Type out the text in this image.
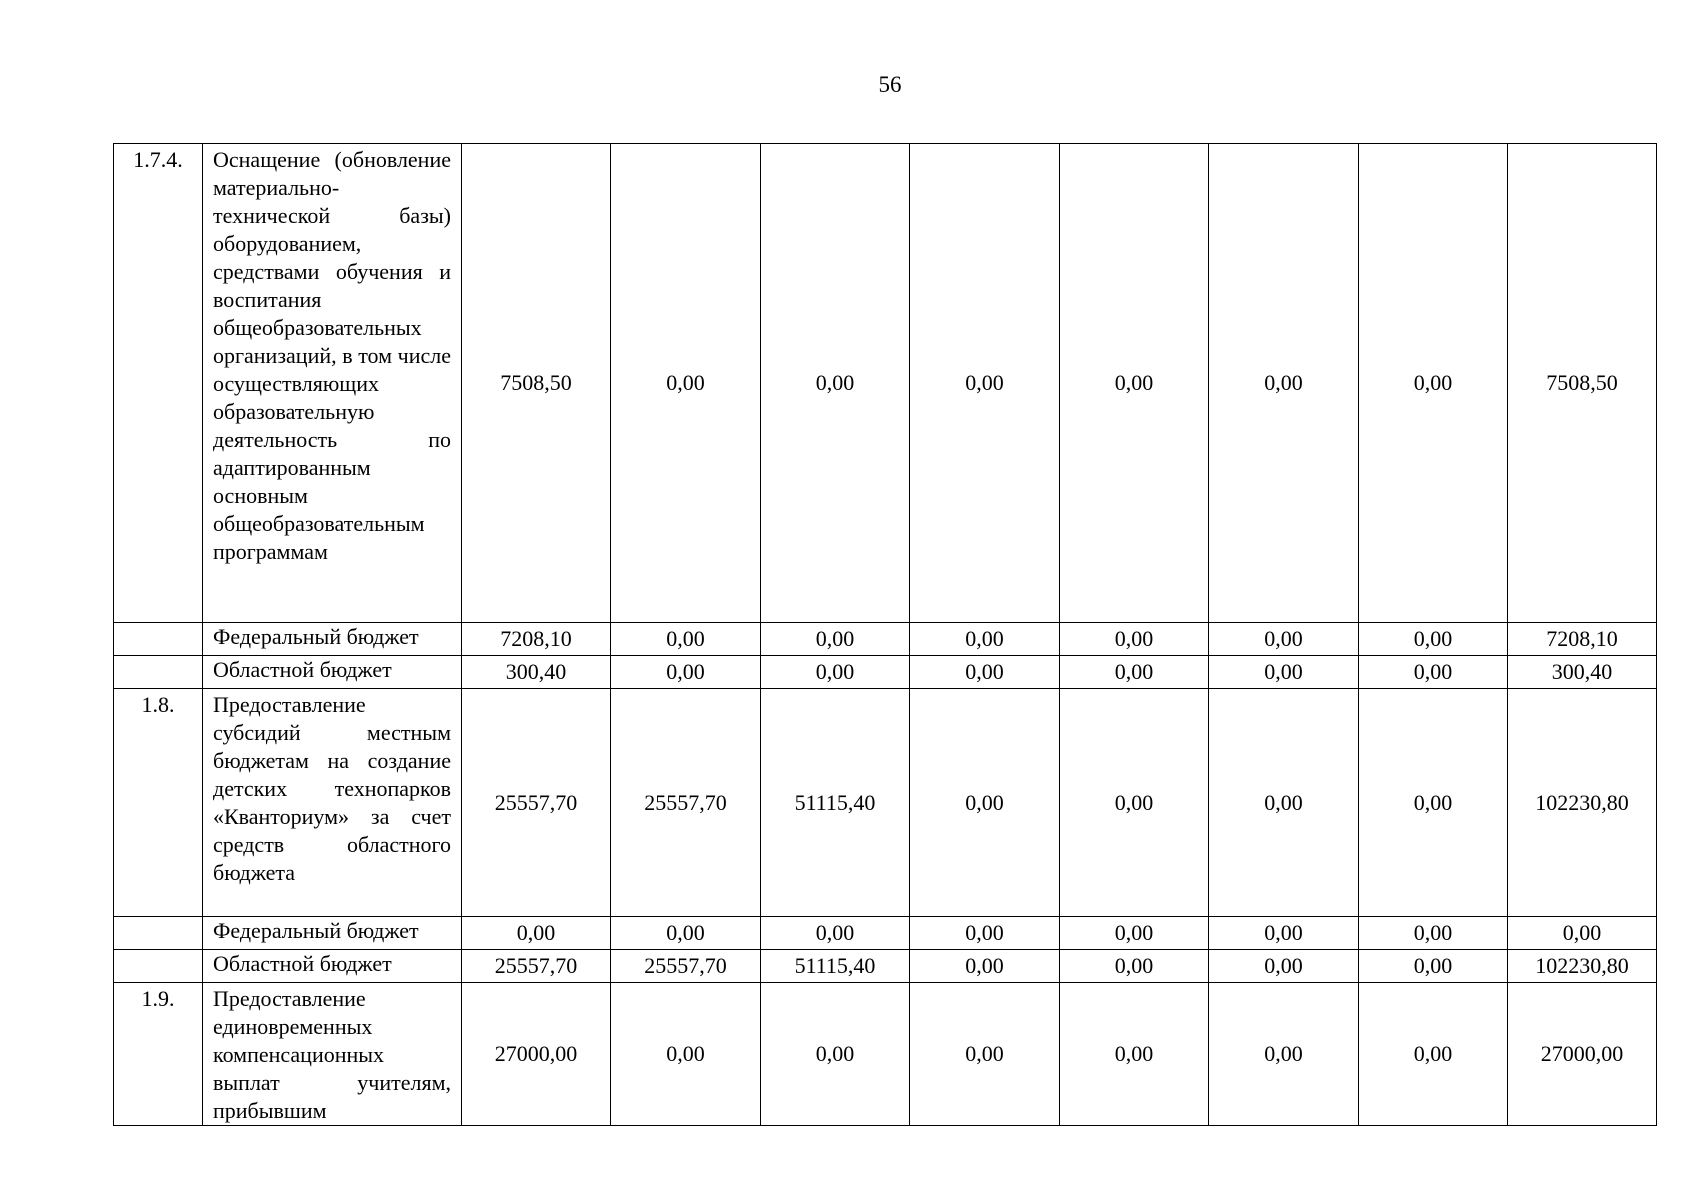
56
1.7.4.	Оснащение (обновление материально-технической базы) оборудованием, средствами обучения и воспитания общеобразовательных организаций, в том числе осуществляющих образовательную деятельность по адаптированным основным общеобразовательным программам	7508,50	0,00	0,00	0,00	0,00	0,00	0,00	7508,50
	Федеральный бюджет	7208,10	0,00	0,00	0,00	0,00	0,00	0,00	7208,10
	Областной бюджет	300,40	0,00	0,00	0,00	0,00	0,00	0,00	300,40
1.8.	Предоставление субсидий местным бюджетам на создание детских технопарков «Кванториум» за счет средств областного бюджета	25557,70	25557,70	51115,40	0,00	0,00	0,00	0,00	102230,80
	Федеральный бюджет	0,00	0,00	0,00	0,00	0,00	0,00	0,00	0,00
	Областной бюджет	25557,70	25557,70	51115,40	0,00	0,00	0,00	0,00	102230,80
1.9.	Предоставление единовременных компенсационных выплат учителям, прибывшим	27000,00	0,00	0,00	0,00	0,00	0,00	0,00	27000,00
